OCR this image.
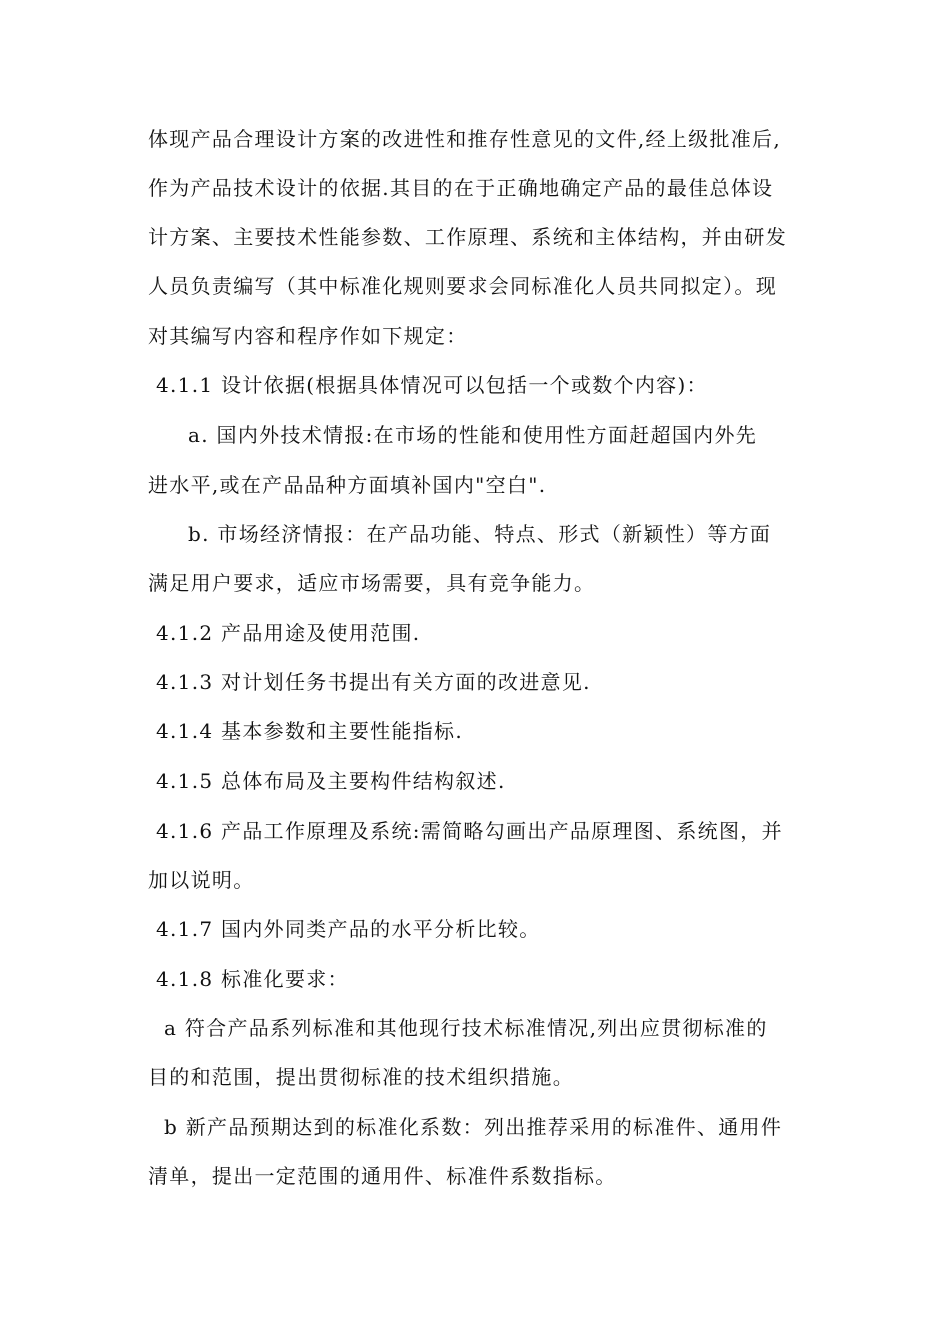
体现产品合理设计方案的改进性和推存性意见的文件,经上级批准后,
作为产品技术设计的依据.其目的在于正确地确定产品的最佳总体设
计方案、主要技术性能参数、工作原理、系统和主体结构，并由研发
人员负责编写（其中标准化规则要求会同标准化人员共同拟定）。现
对其编写内容和程序作如下规定：
4.1.1 设计依据(根据具体情况可以包括一个或数个内容)：
a. 国内外技术情报:在市场的性能和使用性方面赶超国内外先
进水平,或在产品品种方面填补国内"空白".
b. 市场经济情报：在产品功能、特点、形式（新颖性）等方面
满足用户要求，适应市场需要，具有竞争能力。
4.1.2 产品用途及使用范围.
4.1.3 对计划任务书提出有关方面的改进意见.
4.1.4 基本参数和主要性能指标.
4.1.5 总体布局及主要构件结构叙述.
4.1.6 产品工作原理及系统:需简略勾画出产品原理图、系统图，并
加以说明。
4.1.7 国内外同类产品的水平分析比较。
4.1.8 标准化要求：
a 符合产品系列标准和其他现行技术标准情况,列出应贯彻标准的
目的和范围，提出贯彻标准的技术组织措施。
b 新产品预期达到的标准化系数：列出推荐采用的标准件、通用件
清单，提出一定范围的通用件、标准件系数指标。
